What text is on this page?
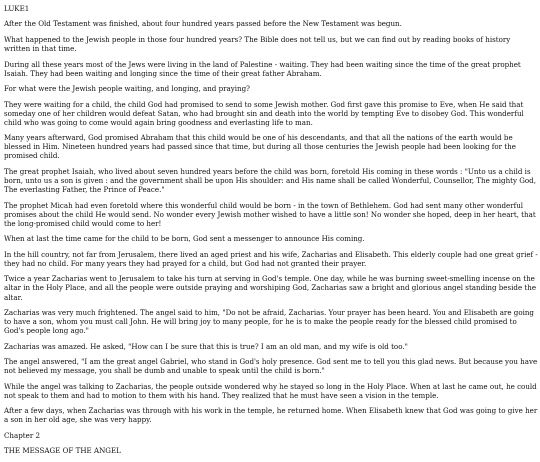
LUKE1

After the Old Testament was finished, about four hundred years passed before the New Testament was begun.

What happened to the Jewish people in those four hundred years? The Bible does not tell us, but we can find out by reading books of history written in that time.

During all these years most of the Jews were living in the land of Palestine - waiting. They had been waiting since the time of the great prophet Isaiah. They had been waiting and longing since the time of their great father Abraham.

For what were the Jewish people waiting, and longing, and praying?

They were waiting for a child, the child God had promised to send to some Jewish mother. God first gave this promise to Eve, when He said that someday one of her children would defeat Satan, who had brought sin and death into the world by tempting Eve to disobey God. This wonderful child who was going to come would again bring goodness and everlasting life to man.

Many years afterward, God promised Abraham that this child would be one of his descendants, and that all the nations of the earth would be blessed in Him. Nineteen hundred years had passed since that time, but during all those centuries the Jewish people had been looking for the promised child.

The great prophet Isaiah, who lived about seven hundred years before the child was born, foretold His coming in these words : "Unto us a child is born, unto us a son is given : and the government shall be upon His shoulder: and His name shall be called Wonderful, Counsellor, The mighty God, The everlasting Father, the Prince of Peace."

The prophet Micah had even foretold where this wonderful child would be born - in the town of Bethlehem. God had sent many other wonderful promises about the child He would send. No wonder every Jewish mother wished to have a little son! No wonder she hoped, deep in her heart, that the long-promised child would come to her!

When at last the time came for the child to be born, God sent a messenger to announce His coming.

In the hill country, not far from Jerusalem, there lived an aged priest and his wife, Zacharias and Elisabeth. This elderly couple had one great grief - they had no child. For many years they had prayed for a child, but God had not granted their prayer.

Twice a year Zacharias went to Jerusalem to take his turn at serving in God's temple. One day, while he was burning sweet-smelling incense on the altar in the Holy Place, and all the people were outside praying and worshiping God, Zacharias saw a bright and glorious angel standing beside the altar.

Zacharias was very much frightened. The angel said to him, "Do not be afraid, Zacharias. Your prayer has been heard. You and Elisabeth are going to have a son, whom you must call John. He will bring joy to many people, for he is to make the people ready for the blessed child promised to God's people long ago."

Zacharias was amazed. He asked, "How can I be sure that this is true? I am an old man, and my wife is old too."

The angel answered, "I am the great angel Gabriel, who stand in God's holy presence. God sent me to tell you this glad news. But because you have not believed my message, you shall be dumb and unable to speak until the child is born."

While the angel was talking to Zacharias, the people outside wondered why he stayed so long in the Holy Place. When at last he came out, he could not speak to them and had to motion to them with his hand. They realized that he must have seen a vision in the temple.

After a few days, when Zacharias was through with his work in the temple, he returned home. When Elisabeth knew that God was going to give her a son in her old age, she was very happy.

Chapter 2

THE MESSAGE OF THE ANGEL
